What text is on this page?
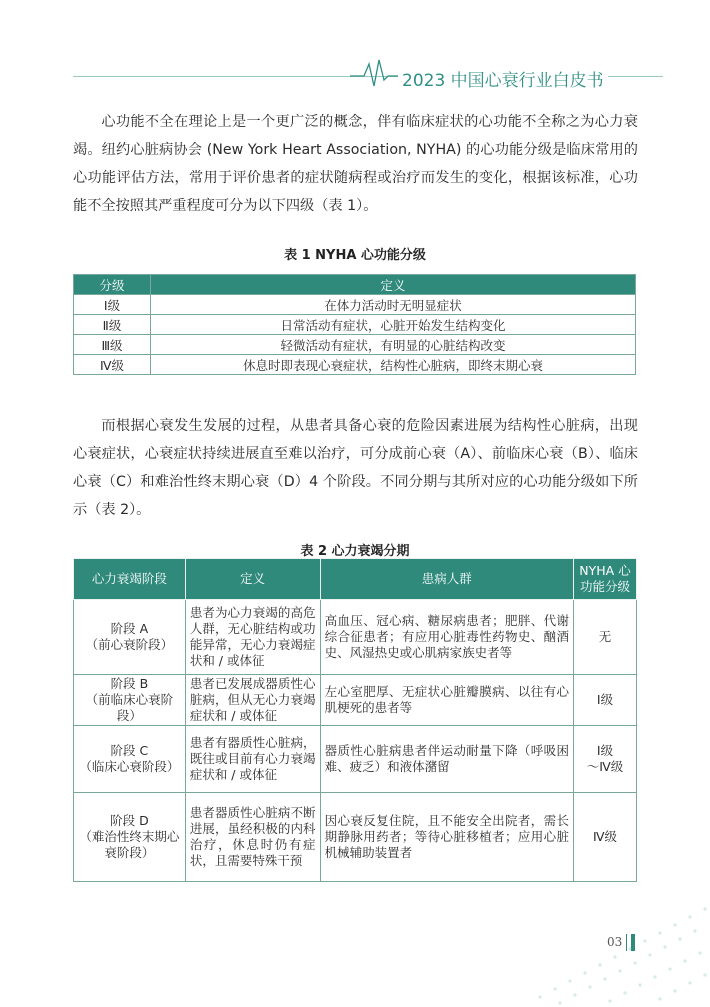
2023 中国心衰行业白皮书

心功能不全在理论上是一个更广泛的概念，伴有临床症状的心功能不全称之为心力衰竭。纽约心脏病协会 (New York Heart Association, NYHA) 的心功能分级是临床常用的心功能评估方法，常用于评价患者的症状随病程或治疗而发生的变化，根据该标准，心功能不全按照其严重程度可分为以下四级（表 1）。

表 1 NYHA 心功能分级
分级	定义
Ⅰ级	在体力活动时无明显症状
Ⅱ级	日常活动有症状，心脏开始发生结构变化
Ⅲ级	轻微活动有症状，有明显的心脏结构改变
Ⅳ级	休息时即表现心衰症状，结构性心脏病，即终末期心衰

而根据心衰发生发展的过程，从患者具备心衰的危险因素进展为结构性心脏病，出现心衰症状，心衰症状持续进展直至难以治疗，可分成前心衰（A）、前临床心衰（B）、临床心衰（C）和难治性终末期心衰（D）4 个阶段。不同分期与其所对应的心功能分级如下所示（表 2）。

表 2 心力衰竭分期
心力衰竭阶段	定义	患病人群	NYHA 心功能分级
阶段 A
（前心衰阶段）	患者为心力衰竭的高危人群，无心脏结构或功能异常，无心力衰竭症状和 / 或体征	高血压、冠心病、糖尿病患者；肥胖、代谢综合征患者；有应用心脏毒性药物史、酗酒史、风湿热史或心肌病家族史者等	无
阶段 B
（前临床心衰阶段）	患者已发展成器质性心脏病，但从无心力衰竭症状和 / 或体征	左心室肥厚、无症状心脏瓣膜病、以往有心肌梗死的患者等	Ⅰ级
阶段 C
（临床心衰阶段）	患者有器质性心脏病，既往或目前有心力衰竭症状和 / 或体征	器质性心脏病患者伴运动耐量下降（呼吸困难、疲乏）和液体潴留	Ⅰ级
～Ⅳ级
阶段 D
（难治性终末期心衰阶段）	患者器质性心脏病不断进展，虽经积极的内科治疗，休息时仍有症状，且需要特殊干预	因心衰反复住院，且不能安全出院者，需长期静脉用药者；等待心脏移植者；应用心脏机械辅助装置者	Ⅳ级
03
